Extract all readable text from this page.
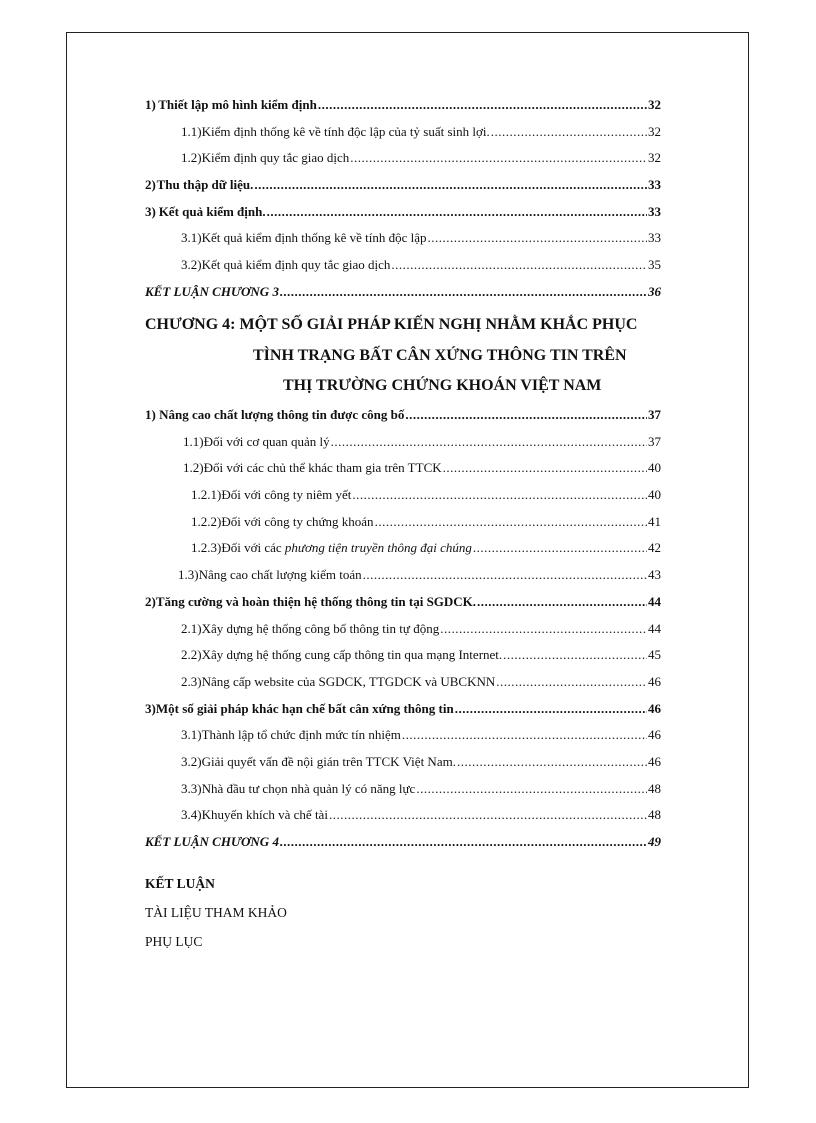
1) Thiết lập mô hình kiểm định .....	32
1.1) Kiểm định thống kê về tính độc lập của tỷ suất sinh lợi. .....	32
1.2) Kiểm định quy tắc giao dịch .....	32
2) Thu thập dữ liệu. .....	33
3) Kết quả kiểm định. .....	33
3.1) Kết quả kiểm định thống kê về tính độc lập .....	33
3.2) Kết quả kiểm định quy tắc giao dịch .....	35
KẾT LUẬN CHƯƠNG 3 .....	36
CHƯƠNG 4: MỘT SỐ GIẢI PHÁP KIẾN NGHỊ NHẰM KHẮC PHỤC
TÌNH TRẠNG BẤT CÂN XỨNG THÔNG TIN TRÊN
THỊ TRƯỜNG CHỨNG KHOÁN VIỆT NAM
1) Nâng cao chất lượng thông tin được công bố .....	37
1.1) Đối với cơ quan quản lý .....	37
1.2) Đối với các chủ thể khác tham gia trên TTCK .....	40
1.2.1) Đối với công ty niêm yết .....	40
1.2.2) Đối với công ty chứng khoán .....	41
1.2.3) Đối với các phương tiện truyền thông đại chúng .....	42
1.3) Nâng cao chất lượng kiểm toán .....	43
2) Tăng cường và hoàn thiện hệ thống thông tin tại SGDCK. .....	44
2.1) Xây dựng hệ thống công bố thông tin tự động .....	44
2.2) Xây dựng hệ thống cung cấp thông tin qua mạng Internet. .....	45
2.3) Nâng cấp website của SGDCK, TTGDCK và UBCKNN .....	46
3) Một số giải pháp khác hạn chế bất cân xứng thông tin .....	46
3.1) Thành lập tổ chức định mức tín nhiệm .....	46
3.2) Giải quyết vấn đề nội gián trên TTCK Việt Nam. .....	46
3.3) Nhà đầu tư chọn nhà quản lý có năng lực .....	48
3.4) Khuyến khích và chế tài .....	48
KẾT LUẬN CHƯƠNG 4 .....	49
KẾT LUẬN
TÀI LIỆU THAM KHẢO
PHỤ LỤC
